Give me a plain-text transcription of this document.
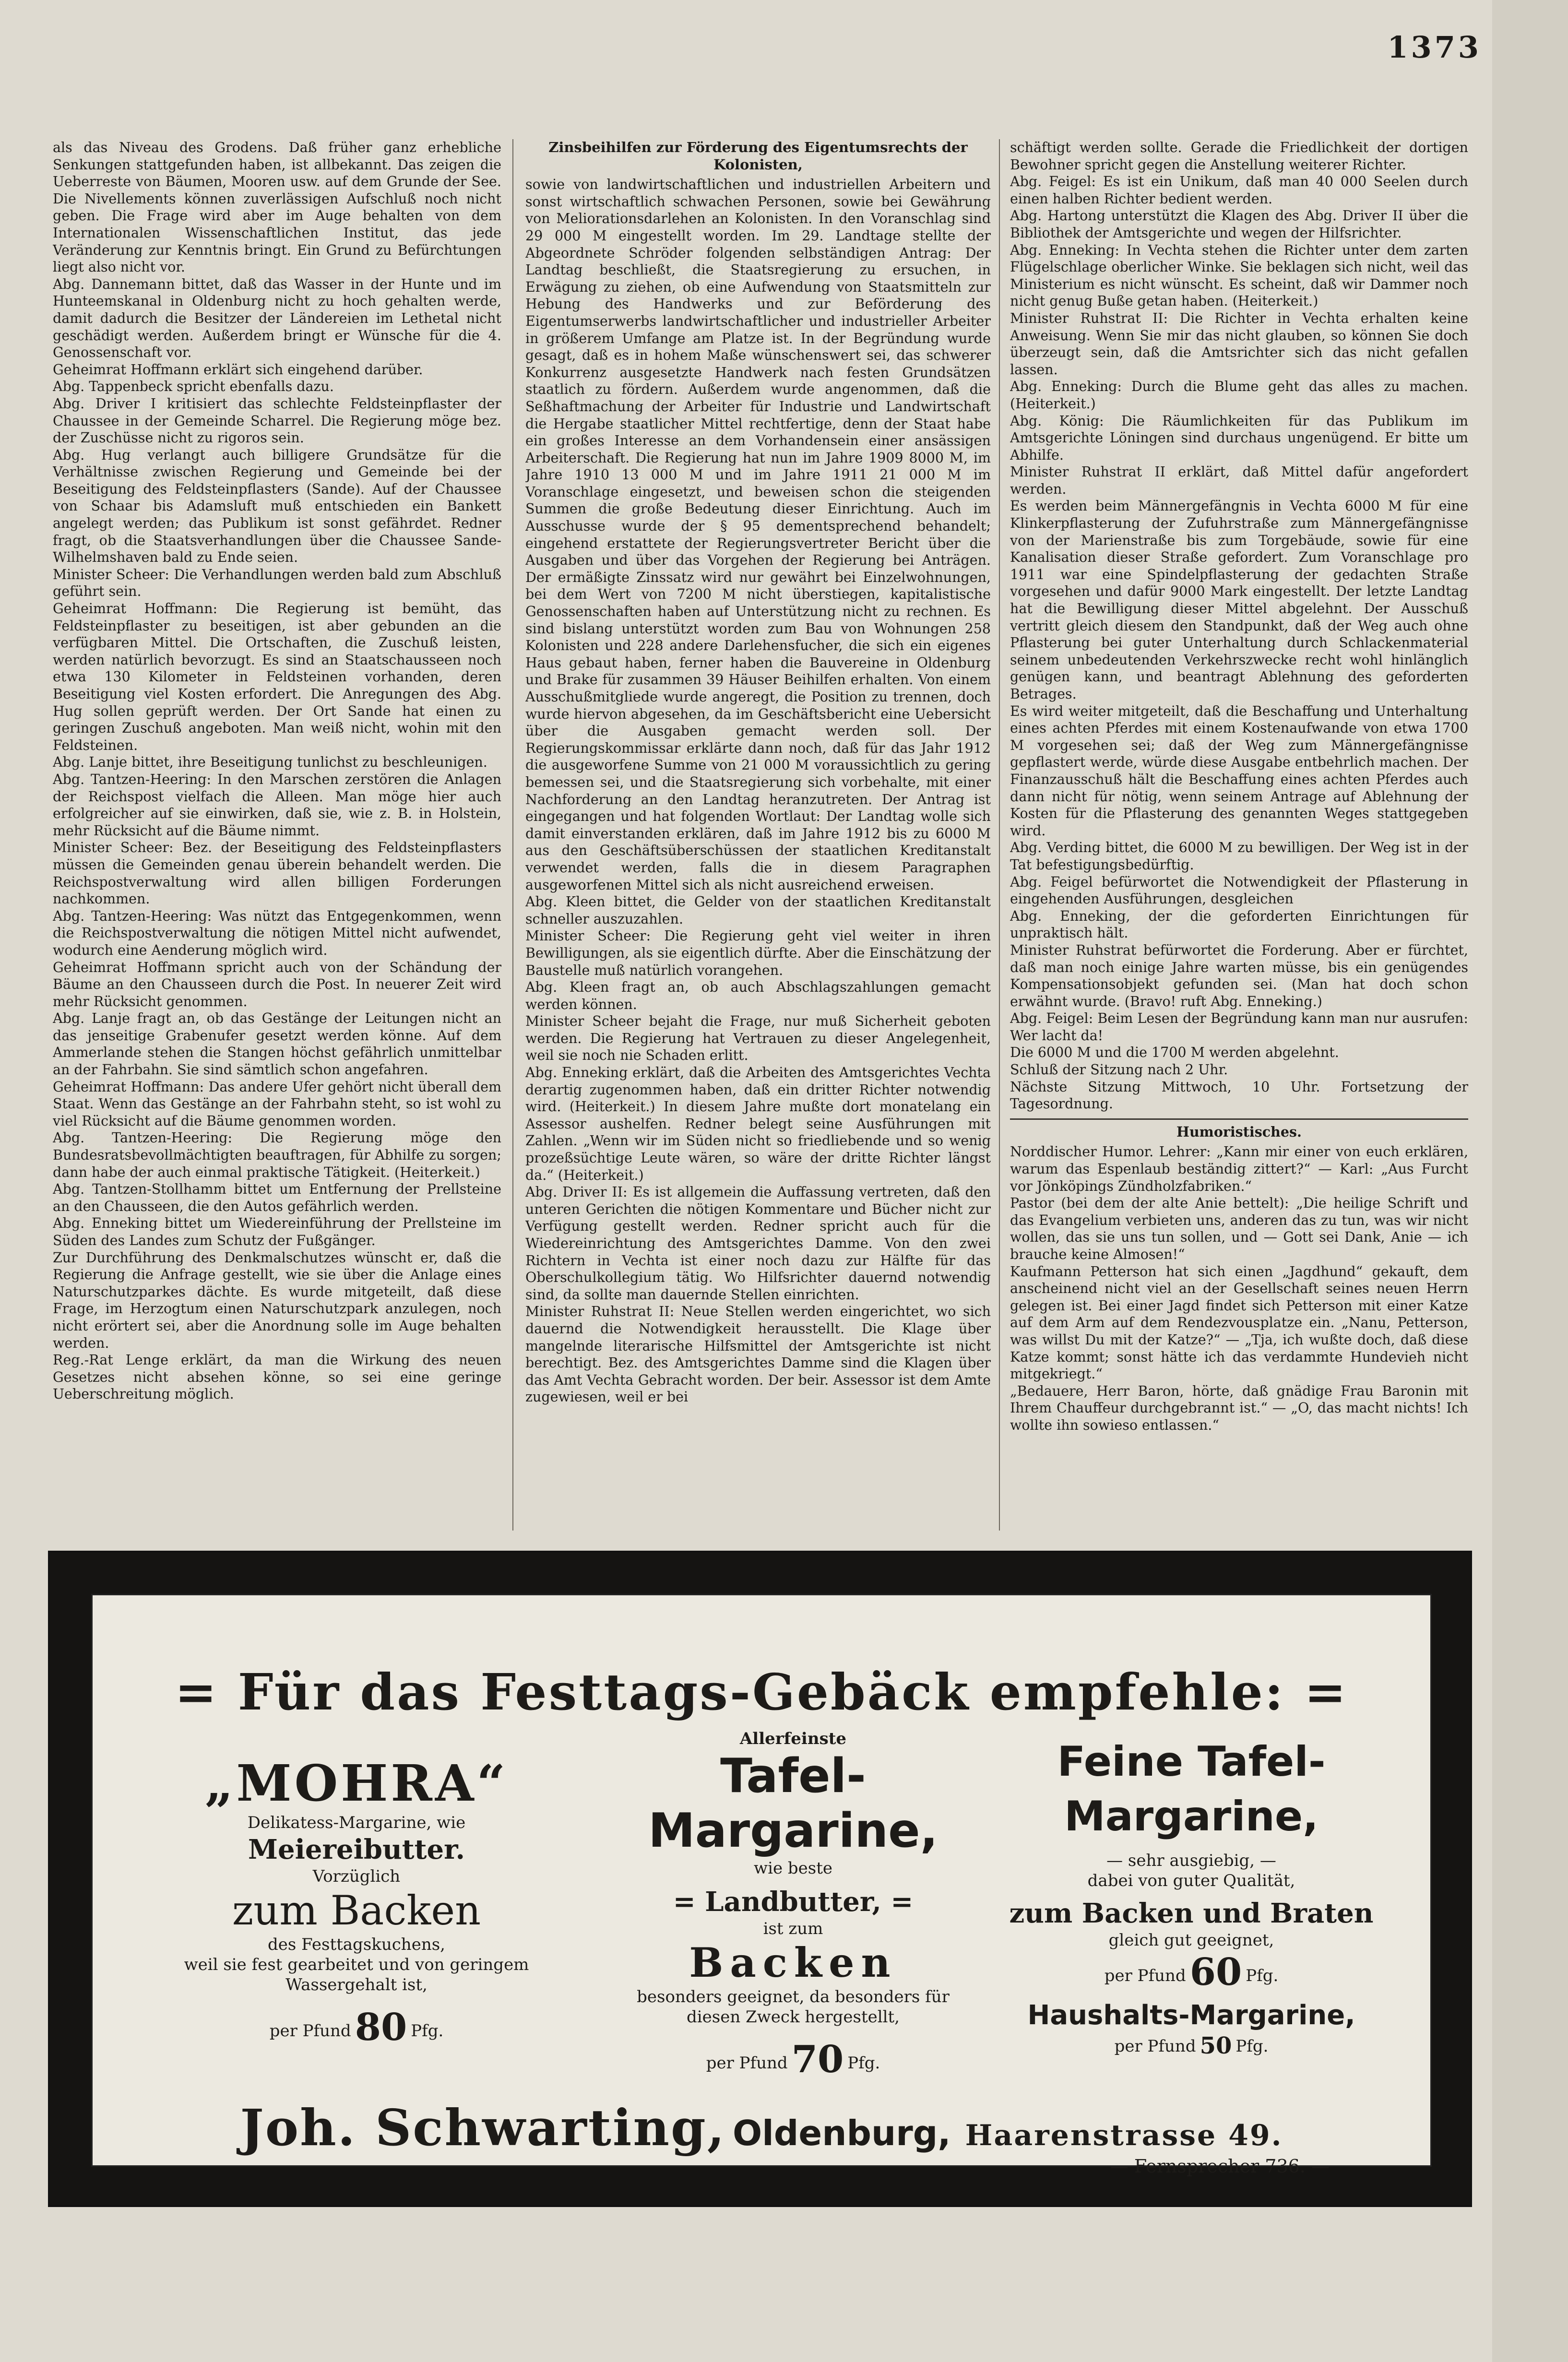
1373

als das Niveau des Grodens. Daß früher ganz erhebliche Senkungen stattgefunden haben, ist allbekannt. Das zeigen die Ueberreste von Bäumen, Mooren usw. auf dem Grunde der See. Die Nivellements können zuverlässigen Aufschluß noch nicht geben. Die Frage wird aber im Auge behalten von dem Internationalen Wissenschaftlichen Institut, das jede Veränderung zur Kenntnis bringt. Ein Grund zu Befürchtungen liegt also nicht vor.

Abg. Dannemann bittet, daß das Wasser in der Hunte und im Hunteemskanal in Oldenburg nicht zu hoch gehalten werde, damit dadurch die Besitzer der Ländereien im Lethetal nicht geschädigt werden. Außerdem bringt er Wünsche für die 4. Genossenschaft vor.

Geheimrat Hoffmann erklärt sich eingehend darüber.

Abg. Tappenbeck spricht ebenfalls dazu.

Abg. Driver I kritisiert das schlechte Feldsteinpflaster der Chaussee in der Gemeinde Scharrel. Die Regierung möge bez. der Zuschüsse nicht zu rigoros sein.

Abg. Hug verlangt auch billigere Grundsätze für die Verhältnisse zwischen Regierung und Gemeinde bei der Beseitigung des Feldsteinpflasters (Sande). Auf der Chaussee von Schaar bis Adamsluft muß entschieden ein Bankett angelegt werden; das Publikum ist sonst gefährdet. Redner fragt, ob die Staatsverhandlungen über die Chaussee Sande-Wilhelmshaven bald zu Ende seien.

Minister Scheer: Die Verhandlungen werden bald zum Abschluß geführt sein.

Geheimrat Hoffmann: Die Regierung ist bemüht, das Feldsteinpflaster zu beseitigen, ist aber gebunden an die verfügbaren Mittel. Die Ortschaften, die Zuschuß leisten, werden natürlich bevorzugt. Es sind an Staatschausseen noch etwa 130 Kilometer in Feldsteinen vorhanden, deren Beseitigung viel Kosten erfordert. Die Anregungen des Abg. Hug sollen geprüft werden. Der Ort Sande hat einen zu geringen Zuschuß angeboten. Man weiß nicht, wohin mit den Feldsteinen.

Abg. Lanje bittet, ihre Beseitigung tunlichst zu beschleunigen.

Abg. Tantzen-Heering: In den Marschen zerstören die Anlagen der Reichspost vielfach die Alleen. Man möge hier auch erfolgreicher auf sie einwirken, daß sie, wie z. B. in Holstein, mehr Rücksicht auf die Bäume nimmt.

Minister Scheer: Bez. der Beseitigung des Feldsteinpflasters müssen die Gemeinden genau überein behandelt werden. Die Reichspostverwaltung wird allen billigen Forderungen nachkommen.

Abg. Tantzen-Heering: Was nützt das Entgegenkommen, wenn die Reichspostverwaltung die nötigen Mittel nicht aufwendet, wodurch eine Aenderung möglich wird.

Geheimrat Hoffmann spricht auch von der Schändung der Bäume an den Chausseen durch die Post. In neuerer Zeit wird mehr Rücksicht genommen.

Abg. Lanje fragt an, ob das Gestänge der Leitungen nicht an das jenseitige Grabenufer gesetzt werden könne. Auf dem Ammerlande stehen die Stangen höchst gefährlich unmittelbar an der Fahrbahn. Sie sind sämtlich schon angefahren.

Geheimrat Hoffmann: Das andere Ufer gehört nicht überall dem Staat. Wenn das Gestänge an der Fahrbahn steht, so ist wohl zu viel Rücksicht auf die Bäume genommen worden.

Abg. Tantzen-Heering: Die Regierung möge den Bundesratsbevollmächtigten beauftragen, für Abhilfe zu sorgen; dann habe der auch einmal praktische Tätigkeit. (Heiterkeit.)

Abg. Tantzen-Stollhamm bittet um Entfernung der Prellsteine an den Chausseen, die den Autos gefährlich werden.

Abg. Enneking bittet um Wiedereinführung der Prellsteine im Süden des Landes zum Schutz der Fußgänger.

Zur Durchführung des Denkmalschutzes wünscht er, daß die Regierung die Anfrage gestellt, wie sie über die Anlage eines Naturschutzparkes dächte. Es wurde mitgeteilt, daß diese Frage, im Herzogtum einen Naturschutzpark anzulegen, noch nicht erörtert sei, aber die Anordnung solle im Auge behalten werden.

Reg.-Rat Lenge erklärt, da man die Wirkung des neuen Gesetzes nicht absehen könne, so sei eine geringe Ueberschreitung möglich.

Zinsbeihilfen zur Förderung des Eigentumsrechts der Kolonisten,

sowie von landwirtschaftlichen und industriellen Arbeitern und sonst wirtschaftlich schwachen Personen, sowie bei Gewährung von Meliorationsdarlehen an Kolonisten. In den Voranschlag sind 29 000 M eingestellt worden. Im 29. Landtage stellte der Abgeordnete Schröder folgenden selbständigen Antrag: Der Landtag beschließt, die Staatsregierung zu ersuchen, in Erwägung zu ziehen, ob eine Aufwendung von Staatsmitteln zur Hebung des Handwerks und zur Beförderung des Eigentumserwerbs landwirtschaftlicher und industrieller Arbeiter in größerem Umfange am Platze ist. In der Begründung wurde gesagt, daß es in hohem Maße wünschenswert sei, das schwerer Konkurrenz ausgesetzte Handwerk nach festen Grundsätzen staatlich zu fördern. Außerdem wurde angenommen, daß die Seßhaftmachung der Arbeiter für Industrie und Landwirtschaft die Hergabe staatlicher Mittel rechtfertige, denn der Staat habe ein großes Interesse an dem Vorhandensein einer ansässigen Arbeiterschaft. Die Regierung hat nun im Jahre 1909 8000 M, im Jahre 1910 13 000 M und im Jahre 1911 21 000 M im Voranschlage eingesetzt, und beweisen schon die steigenden Summen die große Bedeutung dieser Einrichtung. Auch im Ausschusse wurde der § 95 dementsprechend behandelt; eingehend erstattete der Regierungsvertreter Bericht über die Ausgaben und über das Vorgehen der Regierung bei Anträgen. Der ermäßigte Zinssatz wird nur gewährt bei Einzelwohnungen, bei dem Wert von 7200 M nicht überstiegen, kapitalistische Genossenschaften haben auf Unterstützung nicht zu rechnen. Es sind bislang unterstützt worden zum Bau von Wohnungen 258 Kolonisten und 228 andere Darlehensfucher, die sich ein eigenes Haus gebaut haben, ferner haben die Bauvereine in Oldenburg und Brake für zusammen 39 Häuser Beihilfen erhalten. Von einem Ausschußmitgliede wurde angeregt, die Position zu trennen, doch wurde hiervon abgesehen, da im Geschäftsbericht eine Uebersicht über die Ausgaben gemacht werden soll. Der Regierungskommissar erklärte dann noch, daß für das Jahr 1912 die ausgeworfene Summe von 21 000 M voraussichtlich zu gering bemessen sei, und die Staatsregierung sich vorbehalte, mit einer Nachforderung an den Landtag heranzutreten. Der Antrag ist eingegangen und hat folgenden Wortlaut: Der Landtag wolle sich damit einverstanden erklären, daß im Jahre 1912 bis zu 6000 M aus den Geschäftsüberschüssen der staatlichen Kreditanstalt verwendet werden, falls die in diesem Paragraphen ausgeworfenen Mittel sich als nicht ausreichend erweisen.

Abg. Kleen bittet, die Gelder von der staatlichen Kreditanstalt schneller auszuzahlen.

Minister Scheer: Die Regierung geht viel weiter in ihren Bewilligungen, als sie eigentlich dürfte. Aber die Einschätzung der Baustelle muß natürlich vorangehen.

Abg. Kleen fragt an, ob auch Abschlagszahlungen gemacht werden können.

Minister Scheer bejaht die Frage, nur muß Sicherheit geboten werden. Die Regierung hat Vertrauen zu dieser Angelegenheit, weil sie noch nie Schaden erlitt.

Abg. Enneking erklärt, daß die Arbeiten des Amtsgerichtes Vechta derartig zugenommen haben, daß ein dritter Richter notwendig wird. (Heiterkeit.) In diesem Jahre mußte dort monatelang ein Assessor aushelfen. Redner belegt seine Ausführungen mit Zahlen. „Wenn wir im Süden nicht so friedliebende und so wenig prozeßsüchtige Leute wären, so wäre der dritte Richter längst da.“ (Heiterkeit.)

Abg. Driver II: Es ist allgemein die Auffassung vertreten, daß den unteren Gerichten die nötigen Kommentare und Bücher nicht zur Verfügung gestellt werden. Redner spricht auch für die Wiedereinrichtung des Amtsgerichtes Damme. Von den zwei Richtern in Vechta ist einer noch dazu zur Hälfte für das Oberschulkollegium tätig. Wo Hilfsrichter dauernd notwendig sind, da sollte man dauernde Stellen einrichten.

Minister Ruhstrat II: Neue Stellen werden eingerichtet, wo sich dauernd die Notwendigkeit herausstellt. Die Klage über mangelnde literarische Hilfsmittel der Amtsgerichte ist nicht berechtigt. Bez. des Amtsgerichtes Damme sind die Klagen über das Amt Vechta Gebracht worden. Der beir. Assessor ist dem Amte zugewiesen, weil er bei

schäftigt werden sollte. Gerade die Friedlichkeit der dortigen Bewohner spricht gegen die Anstellung weiterer Richter.

Abg. Feigel: Es ist ein Unikum, daß man 40 000 Seelen durch einen halben Richter bedient werden.

Abg. Hartong unterstützt die Klagen des Abg. Driver II über die Bibliothek der Amtsgerichte und wegen der Hilfsrichter.

Abg. Enneking: In Vechta stehen die Richter unter dem zarten Flügelschlage oberlicher Winke. Sie beklagen sich nicht, weil das Ministerium es nicht wünscht. Es scheint, daß wir Dammer noch nicht genug Buße getan haben. (Heiterkeit.)

Minister Ruhstrat II: Die Richter in Vechta erhalten keine Anweisung. Wenn Sie mir das nicht glauben, so können Sie doch überzeugt sein, daß die Amtsrichter sich das nicht gefallen lassen.

Abg. Enneking: Durch die Blume geht das alles zu machen. (Heiterkeit.)

Abg. König: Die Räumlichkeiten für das Publikum im Amtsgerichte Löningen sind durchaus ungenügend. Er bitte um Abhilfe.

Minister Ruhstrat II erklärt, daß Mittel dafür angefordert werden.

Es werden beim Männergefängnis in Vechta 6000 M für eine Klinkerpflasterung der Zufuhrstraße zum Männergefängnisse von der Marienstraße bis zum Torgebäude, sowie für eine Kanalisation dieser Straße gefordert. Zum Voranschlage pro 1911 war eine Spindelpflasterung der gedachten Straße vorgesehen und dafür 9000 Mark eingestellt. Der letzte Landtag hat die Bewilligung dieser Mittel abgelehnt. Der Ausschuß vertritt gleich diesem den Standpunkt, daß der Weg auch ohne Pflasterung bei guter Unterhaltung durch Schlackenmaterial seinem unbedeutenden Verkehrszwecke recht wohl hinlänglich genügen kann, und beantragt Ablehnung des geforderten Betrages.

Es wird weiter mitgeteilt, daß die Beschaffung und Unterhaltung eines achten Pferdes mit einem Kostenaufwande von etwa 1700 M vorgesehen sei; daß der Weg zum Männergefängnisse gepflastert werde, würde diese Ausgabe entbehrlich machen. Der Finanzausschuß hält die Beschaffung eines achten Pferdes auch dann nicht für nötig, wenn seinem Antrage auf Ablehnung der Kosten für die Pflasterung des genannten Weges stattgegeben wird.

Abg. Verding bittet, die 6000 M zu bewilligen. Der Weg ist in der Tat befestigungsbedürftig.

Abg. Feigel befürwortet die Notwendigkeit der Pflasterung in eingehenden Ausführungen, desgleichen

Abg. Enneking, der die geforderten Einrichtungen für unpraktisch hält.

Minister Ruhstrat befürwortet die Forderung. Aber er fürchtet, daß man noch einige Jahre warten müsse, bis ein genügendes Kompensationsobjekt gefunden sei. (Man hat doch schon erwähnt wurde. (Bravo! ruft Abg. Enneking.)

Abg. Feigel: Beim Lesen der Begründung kann man nur ausrufen: Wer lacht da!

Die 6000 M und die 1700 M werden abgelehnt.

Schluß der Sitzung nach 2 Uhr.

Nächste Sitzung Mittwoch, 10 Uhr. Fortsetzung der Tagesordnung.

Humoristisches.

Norddischer Humor. Lehrer: „Kann mir einer von euch erklären, warum das Espenlaub beständig zittert?“ — Karl: „Aus Furcht vor Jönköpings Zündholzfabriken.“

Pastor (bei dem der alte Anie bettelt): „Die heilige Schrift und das Evangelium verbieten uns, anderen das zu tun, was wir nicht wollen, das sie uns tun sollen, und — Gott sei Dank, Anie — ich brauche keine Almosen!“

Kaufmann Petterson hat sich einen „Jagdhund“ gekauft, dem anscheinend nicht viel an der Gesellschaft seines neuen Herrn gelegen ist. Bei einer Jagd findet sich Petterson mit einer Katze auf dem Arm auf dem Rendezvousplatze ein. „Nanu, Petterson, was willst Du mit der Katze?“ — „Tja, ich wußte doch, daß diese Katze kommt; sonst hätte ich das verdammte Hundevieh nicht mitgekriegt.“

„Bedauere, Herr Baron, hörte, daß gnädige Frau Baronin mit Ihrem Chauffeur durchgebrannt ist.“ — „O, das macht nichts! Ich wollte ihn sowieso entlassen.“

= Für das Festtags-Gebäck empfehle: =
„MOHRA“
Delikatess-Margarine, wie
Meiereibutter.
Vorzüglich
zum Backen
des Festtagskuchens,
weil sie fest gearbeitet und von geringem
Wassergehalt ist,
per Pfund 80 Pfg.
Allerfeinste
Tafel-Margarine,
wie beste
= Landbutter, =
ist zum
Backen
besonders geeignet, da besonders für
diesen Zweck hergestellt,
per Pfund 70 Pfg.
Feine Tafel-Margarine,
— sehr ausgiebig, —
dabei von guter Qualität,
zum Backen und Braten
gleich gut geeignet,
per Pfund 60 Pfg.
Haushalts-Margarine,
per Pfund 50 Pfg.
Joh. Schwarting, Oldenburg, Haarenstrasse 49.
— Fernsprecher 736. —
